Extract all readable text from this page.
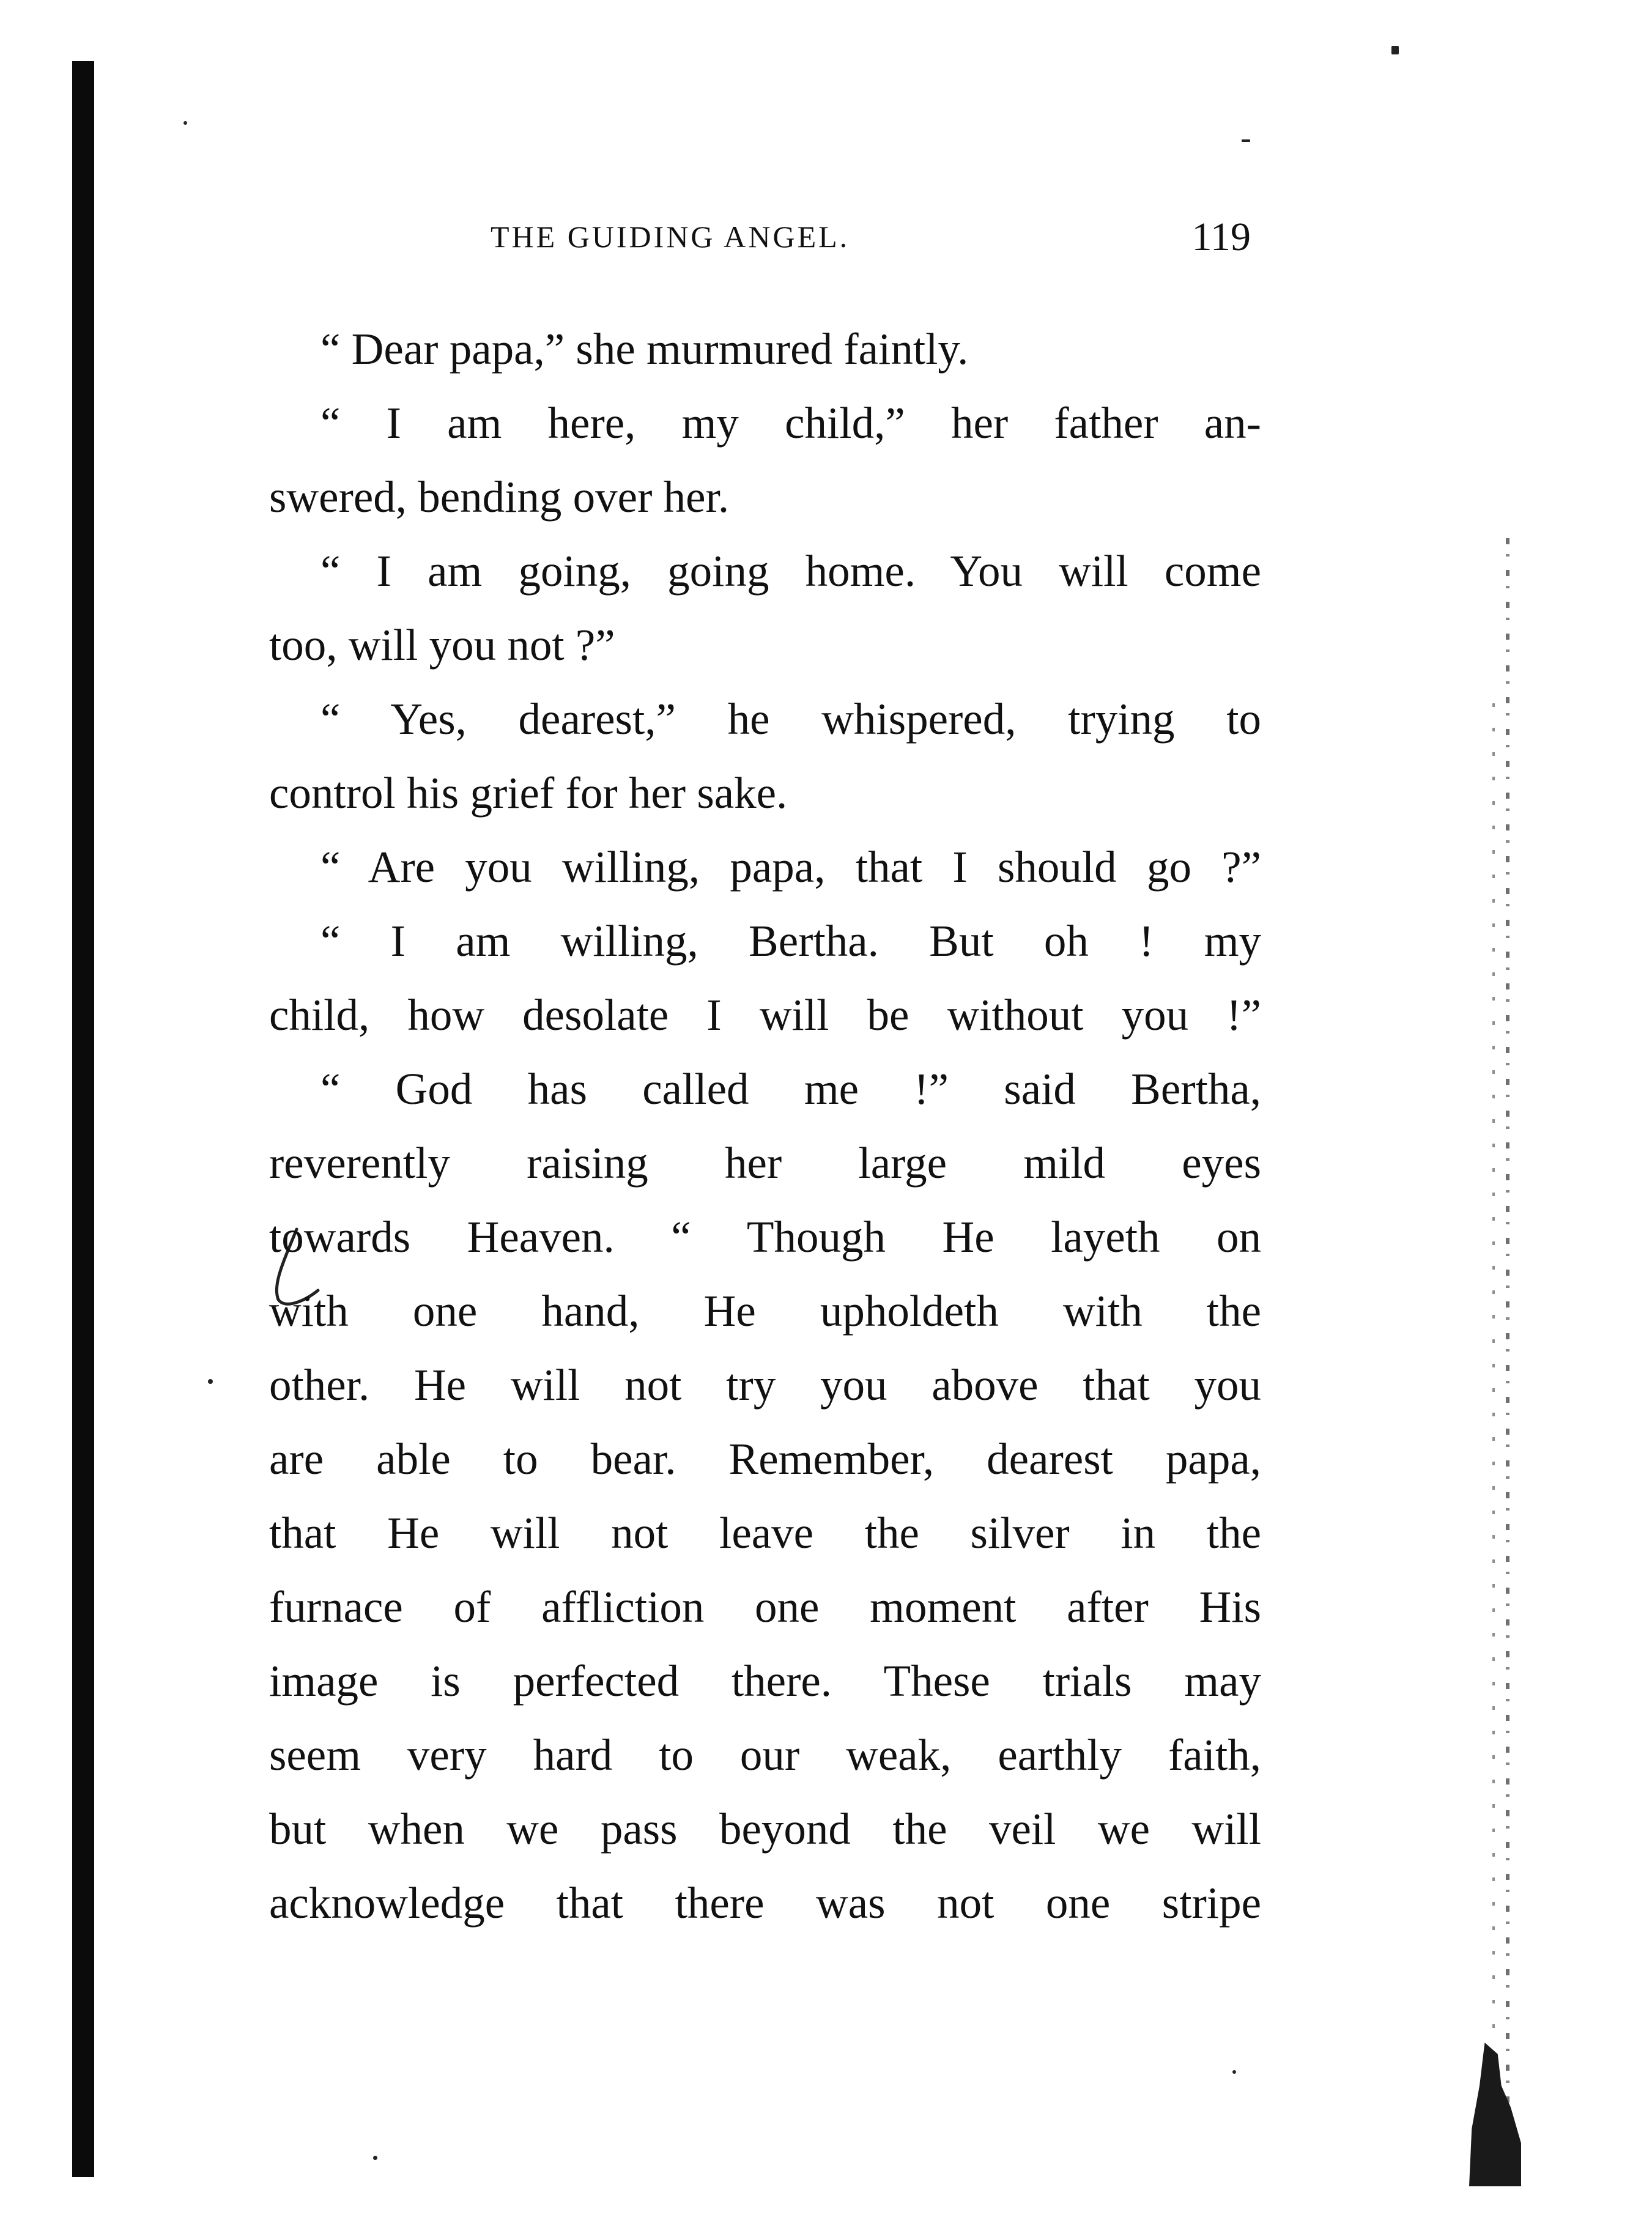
THE GUIDING ANGEL.	119
“ Dear papa,” she murmured faintly.
“ I am here, my child,” her father an-
swered, bending over her.
“ I am going, going home. You will come
too, will you not ?”
“ Yes, dearest,” he whispered, trying to
control his grief for her sake.
“ Are you willing, papa, that I should go ?”
“ I am willing, Bertha. But oh ! my
child, how desolate I will be without you !”
“ God has called me !” said Bertha,
reverently raising her large mild eyes
towards Heaven. “ Though He layeth on
with one hand, He upholdeth with the
other. He will not try you above that you
are able to bear. Remember, dearest papa,
that He will not leave the silver in the
furnace of affliction one moment after His
image is perfected there. These trials may
seem very hard to our weak, earthly faith,
but when we pass beyond the veil we will
acknowledge that there was not one stripe
